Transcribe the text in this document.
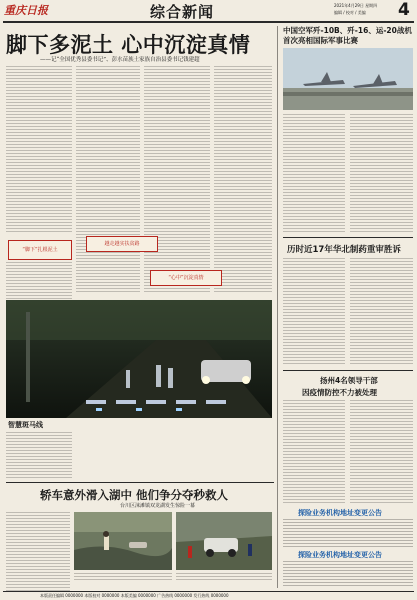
重庆日报	综合新闻	2021年4月29日 星期四
编辑 / 校对 / 美编 4
脚下多泥土 心中沉淀真情
——记“全国优秀县委书记”、彭水苗族土家族自治县委书记钱建超
“脚下”扎根泥土
越走越实扶贫路
“心中”沉淀真情
智慧斑马线
轿车意外滑入湖中 他们争分夺秒救人
台川区涞滩镇双龙湖发生惊险一幕
中国空军歼-10B、歼-16、运-20战机首次亮相国际军事比赛
历时近17年华北制药重审胜诉
扬州4名领导干部
因疫情防控不力被处理
探险业务机构地址变更公告
探险业务机构地址变更公告
本版责任编辑 0000000 本版校对 0000000 本版美编 0000000 广告热线 0000000 发行热线 0000000
